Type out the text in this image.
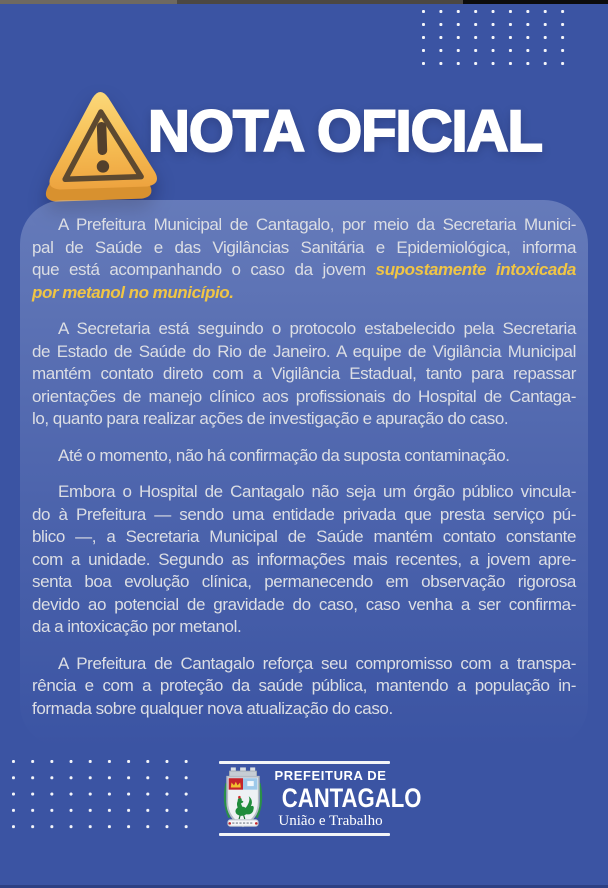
NOTA OFICIAL
A Prefeitura Municipal de Cantagalo, por meio da Secretaria Munici-
pal de Saúde e das Vigilâncias Sanitária e Epidemiológica, informa
que está acompanhando o caso da jovem supostamente intoxicada
por metanol no município.
A Secretaria está seguindo o protocolo estabelecido pela Secretaria
de Estado de Saúde do Rio de Janeiro. A equipe de Vigilância Municipal
mantém contato direto com a Vigilância Estadual, tanto para repassar
orientações de manejo clínico aos profissionais do Hospital de Cantaga-
lo, quanto para realizar ações de investigação e apuração do caso.
Até o momento, não há confirmação da suposta contaminação.
Embora o Hospital de Cantagalo não seja um órgão público vincula-
do à Prefeitura — sendo uma entidade privada que presta serviço pú-
blico —, a Secretaria Municipal de Saúde mantém contato constante
com a unidade. Segundo as informações mais recentes, a jovem apre-
senta boa evolução clínica, permanecendo em observação rigorosa
devido ao potencial de gravidade do caso, caso venha a ser confirma-
da a intoxicação por metanol.
A Prefeitura de Cantagalo reforça seu compromisso com a transpa-
rência e com a proteção da saúde pública, mantendo a população in-
formada sobre qualquer nova atualização do caso.
PREFEITURA DE
CANTAGALO
União e Trabalho
